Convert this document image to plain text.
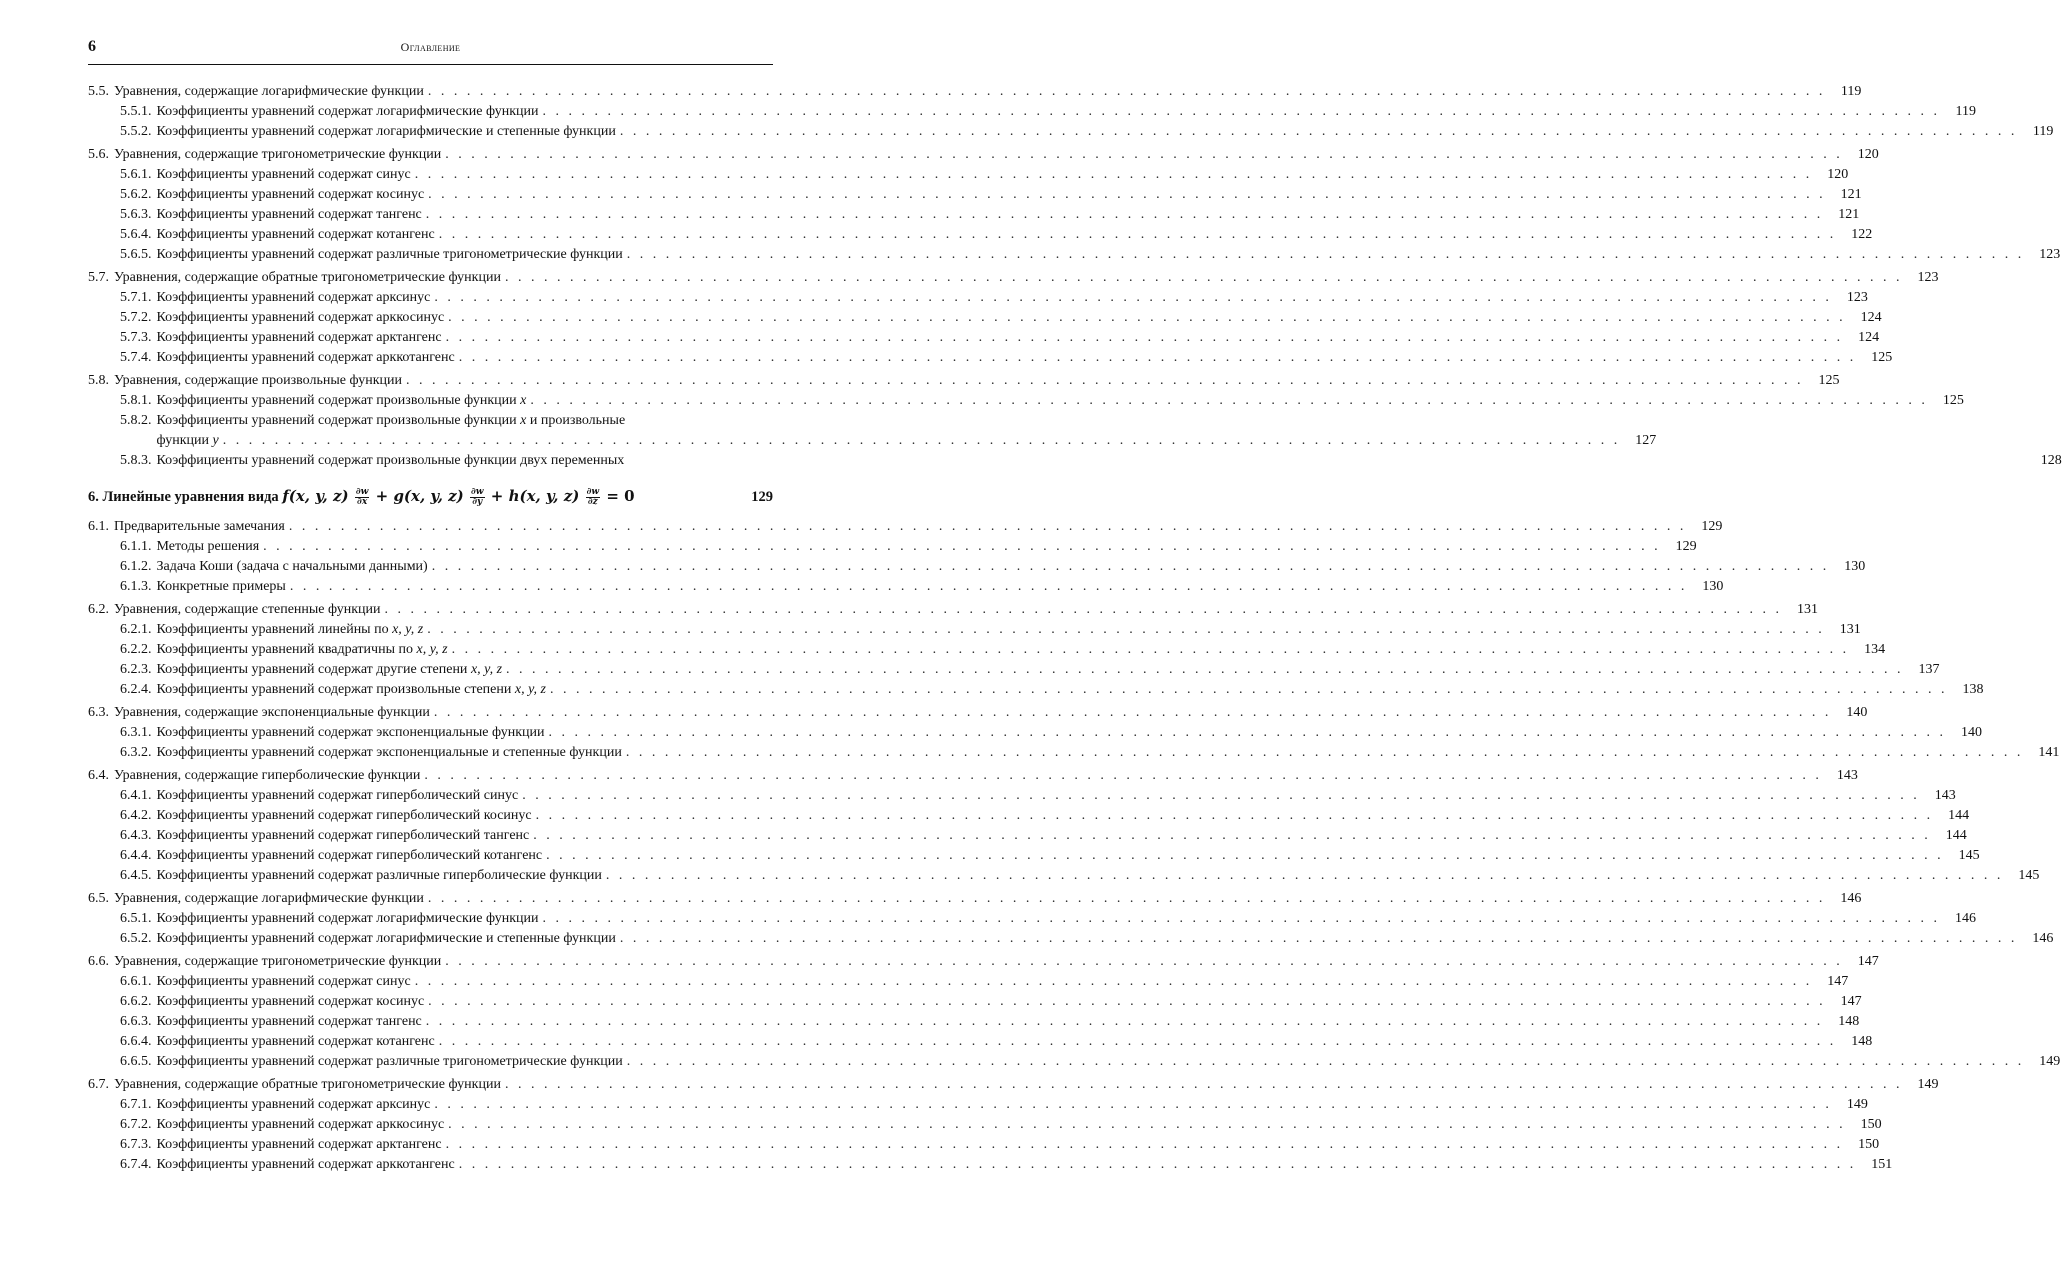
6	Оглавление
5.5. Уравнения, содержащие логарифмические функции . . .	119
5.5.1. Коэффициенты уравнений содержат логарифмические функции . . .	119
5.5.2. Коэффициенты уравнений содержат логарифмические и степенные функции . . .	119
5.6. Уравнения, содержащие тригонометрические функции . . .	120
5.6.1. Коэффициенты уравнений содержат синус . . .	120
5.6.2. Коэффициенты уравнений содержат косинус . . .	121
5.6.3. Коэффициенты уравнений содержат тангенс . . .	121
5.6.4. Коэффициенты уравнений содержат котангенс . . .	122
5.6.5. Коэффициенты уравнений содержат различные тригонометрические функции . . .	123
5.7. Уравнения, содержащие обратные тригонометрические функции . . .	123
5.7.1. Коэффициенты уравнений содержат арксинус . . .	123
5.7.2. Коэффициенты уравнений содержат арккосинус . . .	124
5.7.3. Коэффициенты уравнений содержат арктангенс . . .	124
5.7.4. Коэффициенты уравнений содержат арккотангенс . . .	125
5.8. Уравнения, содержащие произвольные функции . . .	125
5.8.1. Коэффициенты уравнений содержат произвольные функции x . . .	125
5.8.2. Коэффициенты уравнений содержат произвольные функции x и произвольные
функции y . . .	127
5.8.3. Коэффициенты уравнений содержат произвольные функции двух переменных	128
6. Линейные уравнения вида f(x, y, $z) \frac{\partial w}{\partial x} + g(x$, y, $z) \frac{\partial w}{\partial y} + h(x$, y, $z) \frac{\partial w}{\partial z} = 0$	129
6.1. Предварительные замечания . . .	129
6.1.1. Методы решения . . .	129
6.1.2. Задача Коши (задача с начальными данными) . . .	130
6.1.3. Конкретные примеры . . .	130
6.2. Уравнения, содержащие степенные функции . . .	131
6.2.1. Коэффициенты уравнений линейны по x, y, z . . .	131
6.2.2. Коэффициенты уравнений квадратичны по x, y, z . . .	134
6.2.3. Коэффициенты уравнений содержат другие степени x, y, z . . .	137
6.2.4. Коэффициенты уравнений содержат произвольные степени x, y, z . . .	138
6.3. Уравнения, содержащие экспоненциальные функции . . .	140
6.3.1. Коэффициенты уравнений содержат экспоненциальные функции . . .	140
6.3.2. Коэффициенты уравнений содержат экспоненциальные и степенные функции . . .	141
6.4. Уравнения, содержащие гиперболические функции . . .	143
6.4.1. Коэффициенты уравнений содержат гиперболический синус . . .	143
6.4.2. Коэффициенты уравнений содержат гиперболический косинус . . .	144
6.4.3. Коэффициенты уравнений содержат гиперболический тангенс . . .	144
6.4.4. Коэффициенты уравнений содержат гиперболический котангенс . . .	145
6.4.5. Коэффициенты уравнений содержат различные гиперболические функции . . .	145
6.5. Уравнения, содержащие логарифмические функции . . .	146
6.5.1. Коэффициенты уравнений содержат логарифмические функции . . .	146
6.5.2. Коэффициенты уравнений содержат логарифмические и степенные функции . . .	146
6.6. Уравнения, содержащие тригонометрические функции . . .	147
6.6.1. Коэффициенты уравнений содержат синус . . .	147
6.6.2. Коэффициенты уравнений содержат косинус . . .	147
6.6.3. Коэффициенты уравнений содержат тангенс . . .	148
6.6.4. Коэффициенты уравнений содержат котангенс . . .	148
6.6.5. Коэффициенты уравнений содержат различные тригонометрические функции . . .	149
6.7. Уравнения, содержащие обратные тригонометрические функции . . .	149
6.7.1. Коэффициенты уравнений содержат арксинус . . .	149
6.7.2. Коэффициенты уравнений содержат арккосинус . . .	150
6.7.3. Коэффициенты уравнений содержат арктангенс . . .	150
6.7.4. Коэффициенты уравнений содержат арккотангенс . . .	151
